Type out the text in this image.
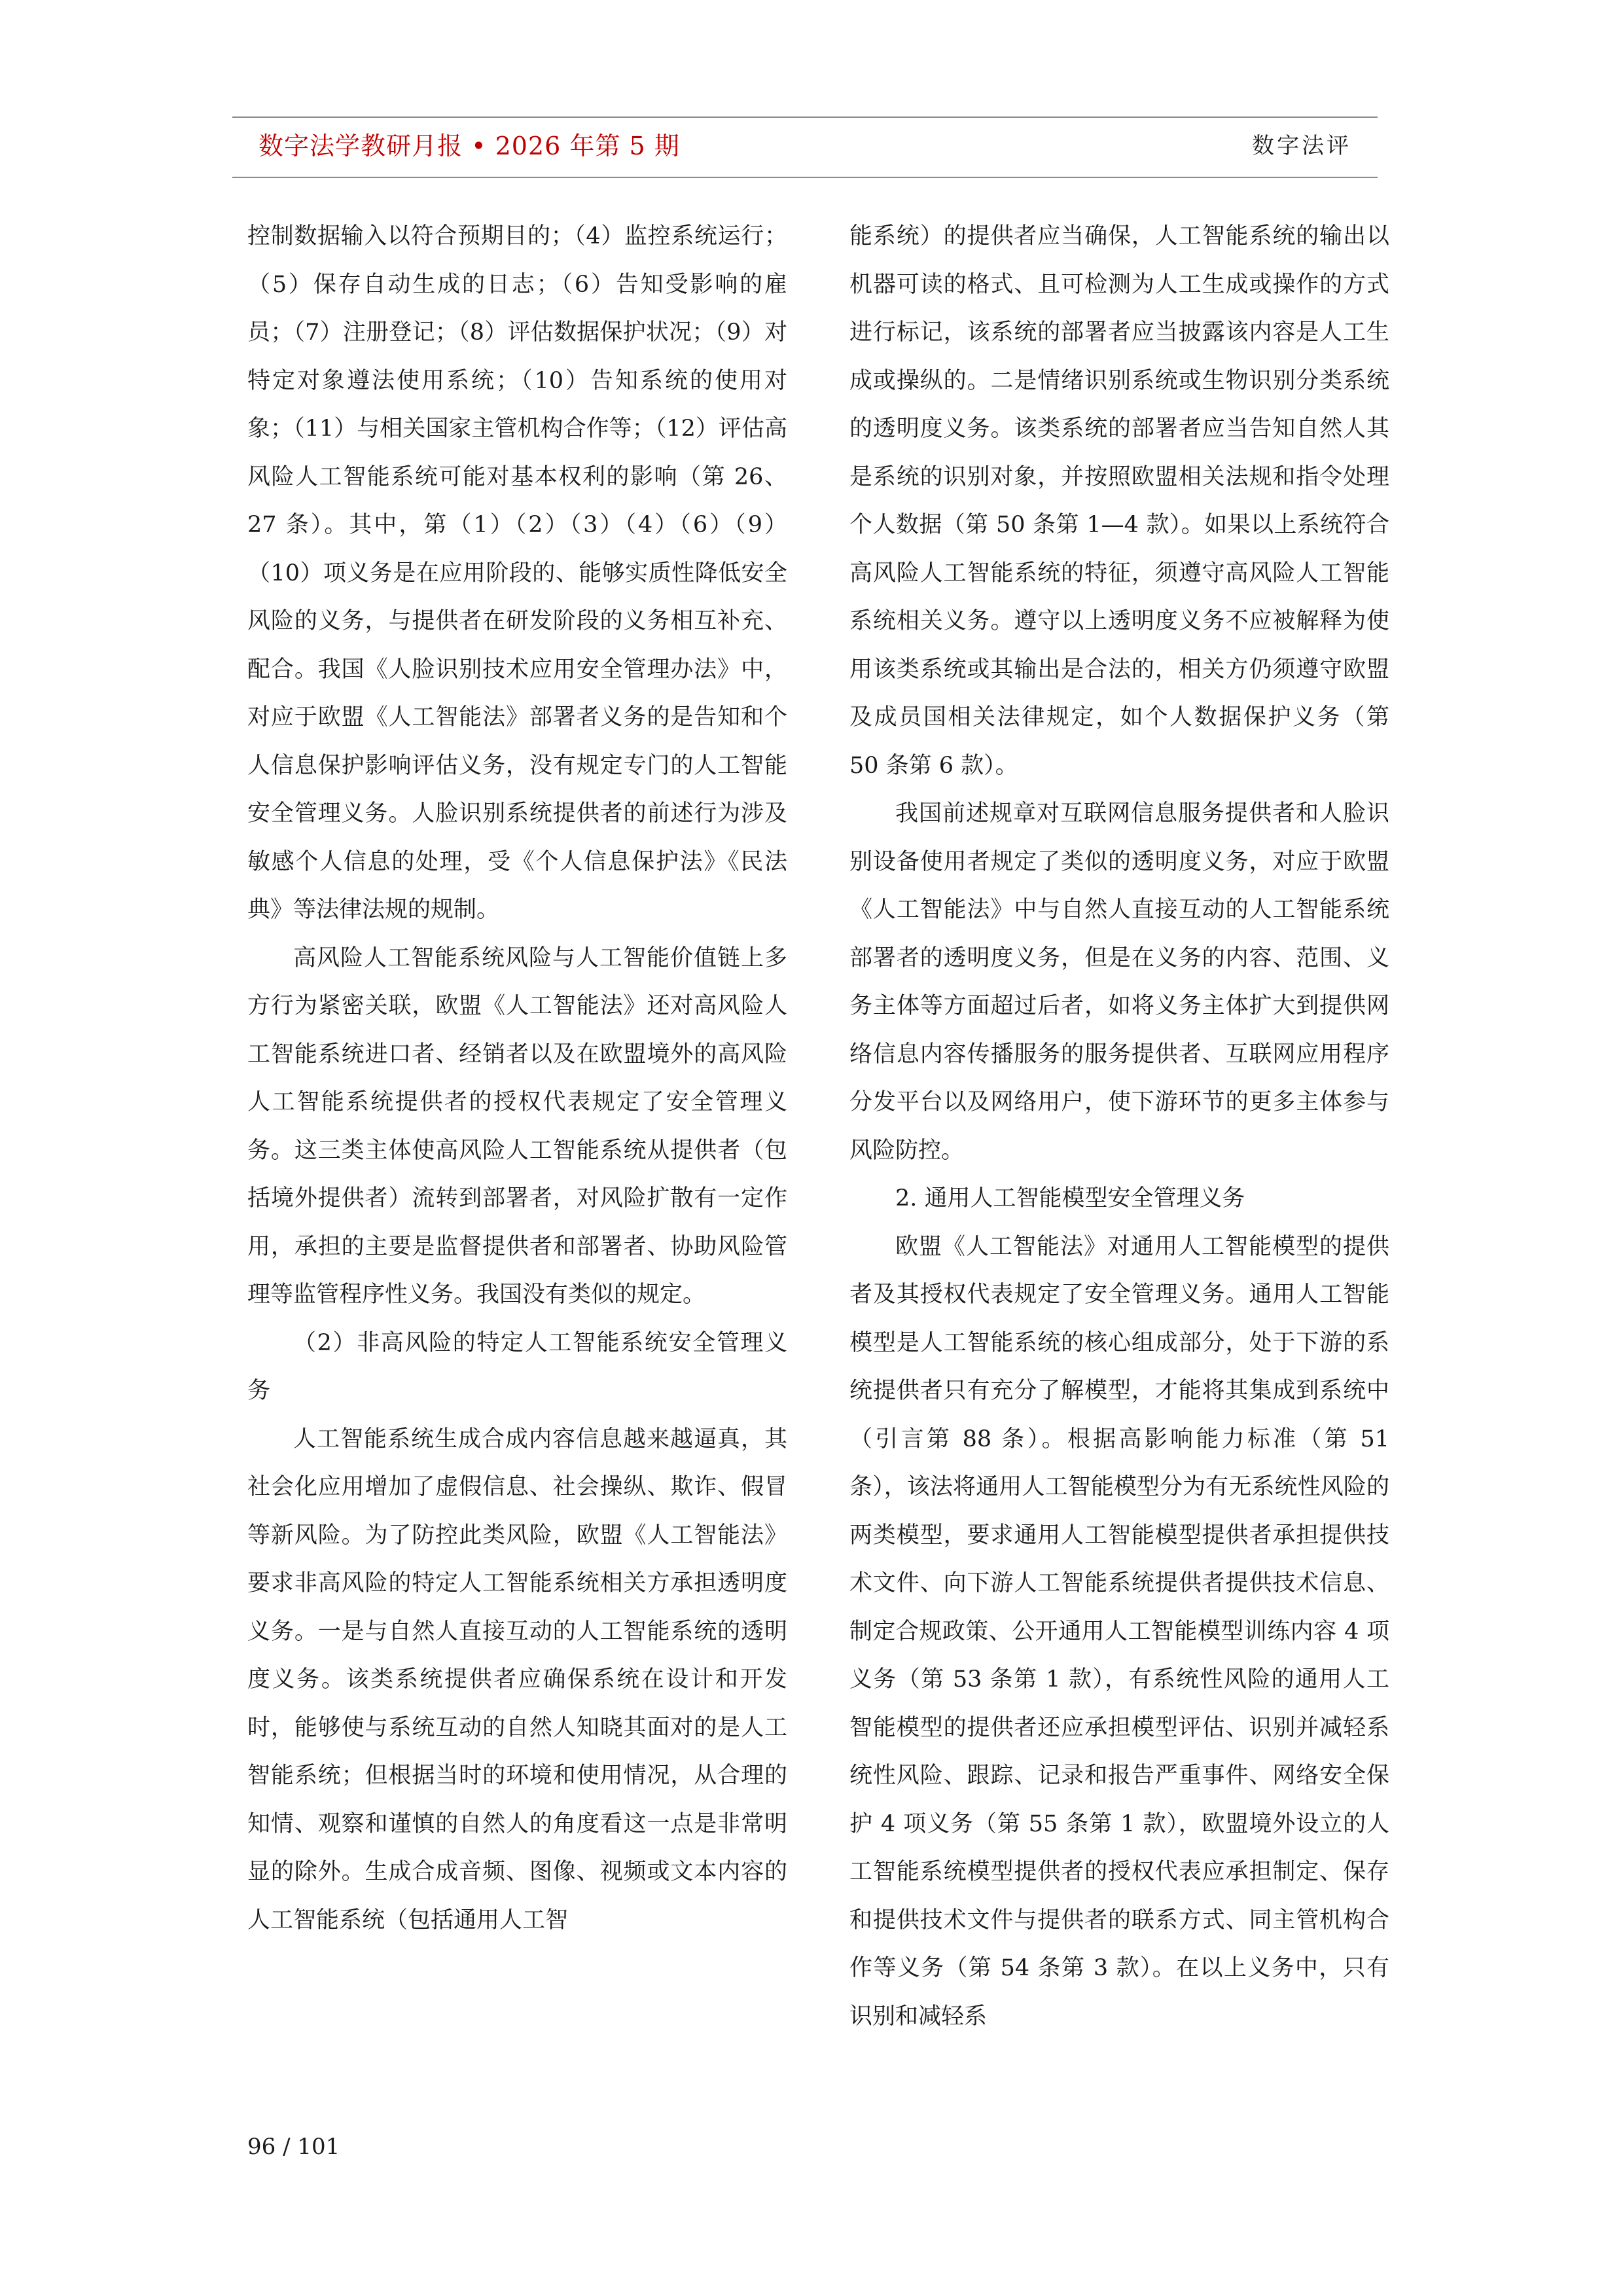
数字法学教研月报 • 2026 年第 5 期	数字法评

控制数据输入以符合预期目的；（4）监控系统运行；（5）保存自动生成的日志；（6）告知受影响的雇员；（7）注册登记；（8）评估数据保护状况；（9）对特定对象遵法使用系统；（10）告知系统的使用对象；（11）与相关国家主管机构合作等；（12）评估高风险人工智能系统可能对基本权利的影响（第 26、27 条）。其中，第（1）（2）（3）（4）（6）（9）（10）项义务是在应用阶段的、能够实质性降低安全风险的义务，与提供者在研发阶段的义务相互补充、配合。我国《人脸识别技术应用安全管理办法》中，对应于欧盟《人工智能法》部署者义务的是告知和个人信息保护影响评估义务，没有规定专门的人工智能安全管理义务。人脸识别系统提供者的前述行为涉及敏感个人信息的处理，受《个人信息保护法》《民法典》等法律法规的规制。

高风险人工智能系统风险与人工智能价值链上多方行为紧密关联，欧盟《人工智能法》还对高风险人工智能系统进口者、经销者以及在欧盟境外的高风险人工智能系统提供者的授权代表规定了安全管理义务。这三类主体使高风险人工智能系统从提供者（包括境外提供者）流转到部署者，对风险扩散有一定作用，承担的主要是监督提供者和部署者、协助风险管理等监管程序性义务。我国没有类似的规定。

（2）非高风险的特定人工智能系统安全管理义务

人工智能系统生成合成内容信息越来越逼真，其社会化应用增加了虚假信息、社会操纵、欺诈、假冒等新风险。为了防控此类风险，欧盟《人工智能法》要求非高风险的特定人工智能系统相关方承担透明度义务。一是与自然人直接互动的人工智能系统的透明度义务。该类系统提供者应确保系统在设计和开发时，能够使与系统互动的自然人知晓其面对的是人工智能系统；但根据当时的环境和使用情况，从合理的知情、观察和谨慎的自然人的角度看这一点是非常明显的除外。生成合成音频、图像、视频或文本内容的人工智能系统（包括通用人工智

能系统）的提供者应当确保，人工智能系统的输出以机器可读的格式、且可检测为人工生成或操作的方式进行标记，该系统的部署者应当披露该内容是人工生成或操纵的。二是情绪识别系统或生物识别分类系统的透明度义务。该类系统的部署者应当告知自然人其是系统的识别对象，并按照欧盟相关法规和指令处理个人数据（第 50 条第 1—4 款）。如果以上系统符合高风险人工智能系统的特征，须遵守高风险人工智能系统相关义务。遵守以上透明度义务不应被解释为使用该类系统或其输出是合法的，相关方仍须遵守欧盟及成员国相关法律规定，如个人数据保护义务（第 50 条第 6 款）。

我国前述规章对互联网信息服务提供者和人脸识别设备使用者规定了类似的透明度义务，对应于欧盟《人工智能法》中与自然人直接互动的人工智能系统部署者的透明度义务，但是在义务的内容、范围、义务主体等方面超过后者，如将义务主体扩大到提供网络信息内容传播服务的服务提供者、互联网应用程序分发平台以及网络用户，使下游环节的更多主体参与风险防控。

2. 通用人工智能模型安全管理义务

欧盟《人工智能法》对通用人工智能模型的提供者及其授权代表规定了安全管理义务。通用人工智能模型是人工智能系统的核心组成部分，处于下游的系统提供者只有充分了解模型，才能将其集成到系统中（引言第 88 条）。根据高影响能力标准（第 51 条），该法将通用人工智能模型分为有无系统性风险的两类模型，要求通用人工智能模型提供者承担提供技术文件、向下游人工智能系统提供者提供技术信息、制定合规政策、公开通用人工智能模型训练内容 4 项义务（第 53 条第 1 款），有系统性风险的通用人工智能模型的提供者还应承担模型评估、识别并减轻系统性风险、跟踪、记录和报告严重事件、网络安全保护 4 项义务（第 55 条第 1 款），欧盟境外设立的人工智能系统模型提供者的授权代表应承担制定、保存和提供技术文件与提供者的联系方式、同主管机构合作等义务（第 54 条第 3 款）。在以上义务中，只有识别和减轻系

96 / 101
